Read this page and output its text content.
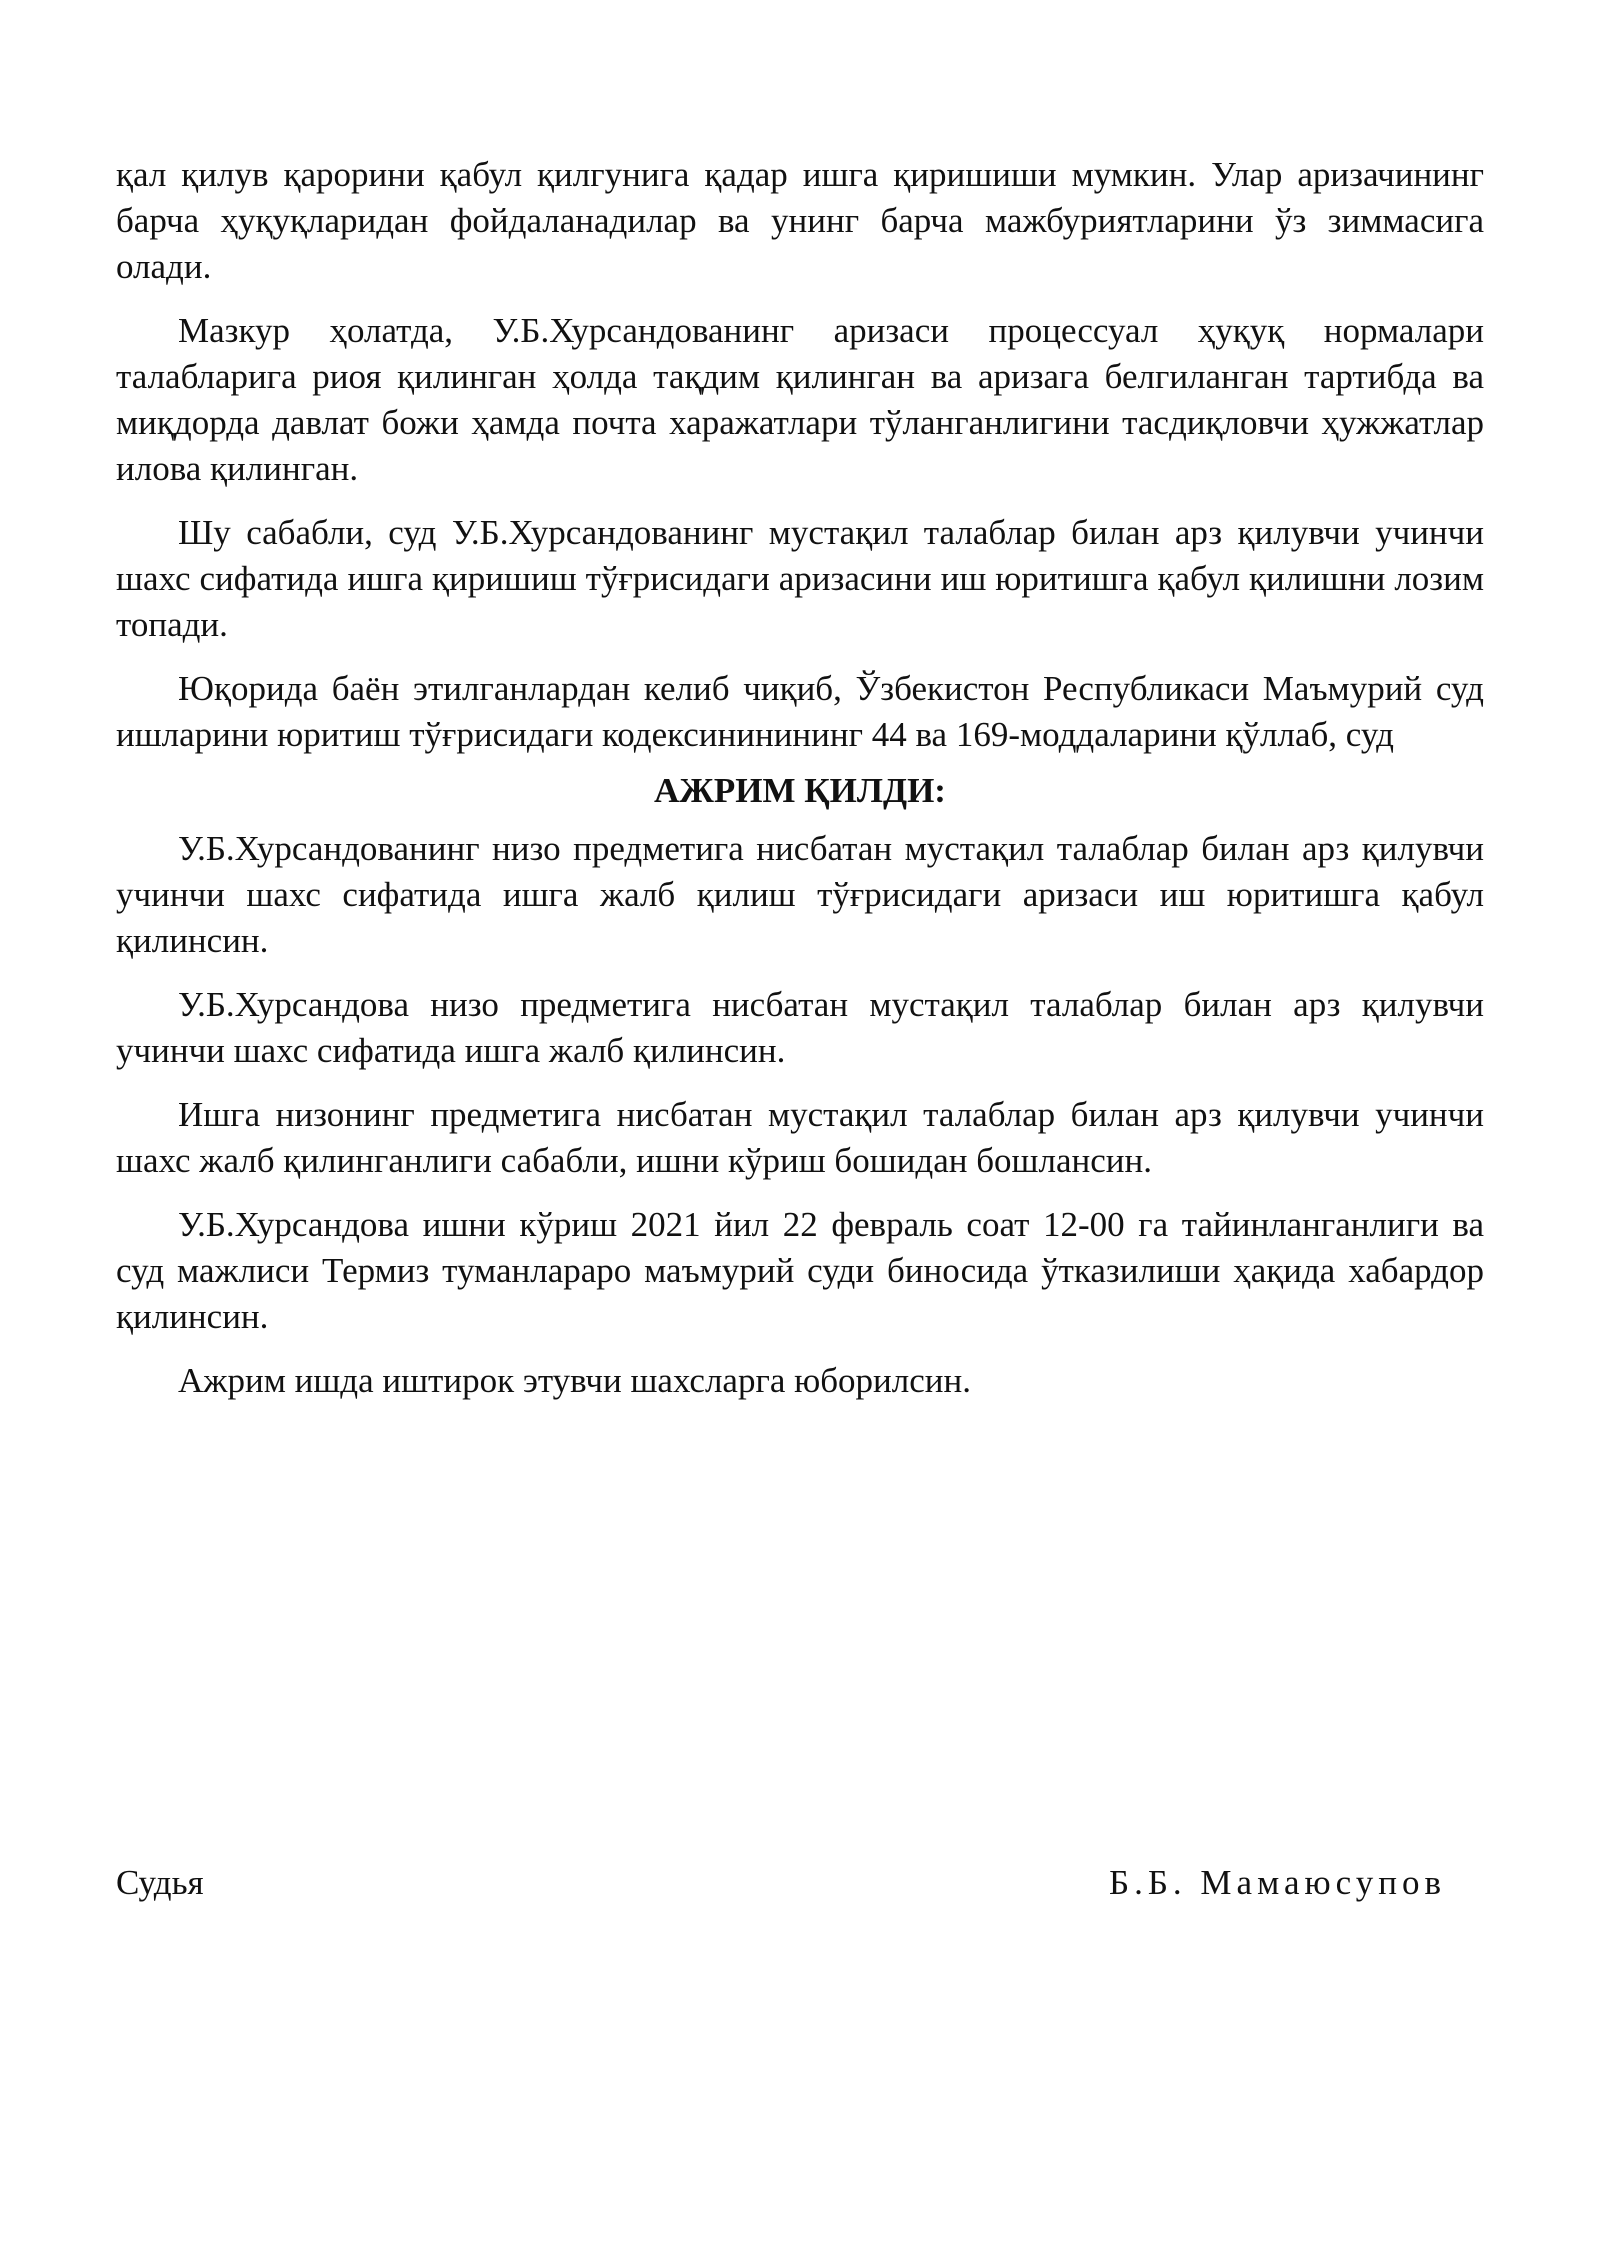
қал қилув қарорини қабул қилгунига қадар ишга қиришиши мумкин. Улар аризачининг барча ҳуқуқларидан фойдаланадилар ва унинг барча мажбуриятларини ўз зиммасига олади.

Мазкур ҳолатда, У.Б.Хурсандованинг аризаси процессуал ҳуқуқ нормалари талабларига риоя қилинган ҳолда тақдим қилинган ва аризага белгиланган тартибда ва миқдорда давлат божи ҳамда почта харажатлари тўланганлигини тасдиқловчи ҳужжатлар илова қилинган.

Шу сабабли, суд У.Б.Хурсандованинг мустақил талаблар билан арз қилувчи учинчи шахс сифатида ишга қиришиш тўғрисидаги аризасини иш юритишга қабул қилишни лозим топади.

Юқорида баён этилганлардан келиб чиқиб, Ўзбекистон Республикаси Маъмурий суд ишларини юритиш тўғрисидаги кодексининининг 44 ва 169-моддаларини қўллаб, суд

АЖРИМ ҚИЛДИ:

У.Б.Хурсандованинг низо предметига нисбатан мустақил талаблар билан арз қилувчи учинчи шахс сифатида ишга жалб қилиш тўғрисидаги аризаси иш юритишга қабул қилинсин.

У.Б.Хурсандова низо предметига нисбатан мустақил талаблар билан арз қилувчи учинчи шахс сифатида ишга жалб қилинсин.

Ишга низонинг предметига нисбатан мустақил талаблар билан арз қилувчи учинчи шахс жалб қилинганлиги сабабли, ишни кўриш бошидан бошлансин.

У.Б.Хурсандова ишни кўриш 2021 йил 22 февраль соат 12-00 га тайинланганлиги ва суд мажлиси Термиз туманлараро маъмурий суди биносида ўтказилиши ҳақида хабардор қилинсин.

Ажрим ишда иштирок этувчи шахсларга юборилсин.

Судья	Б.Б. Мамаюсупов
